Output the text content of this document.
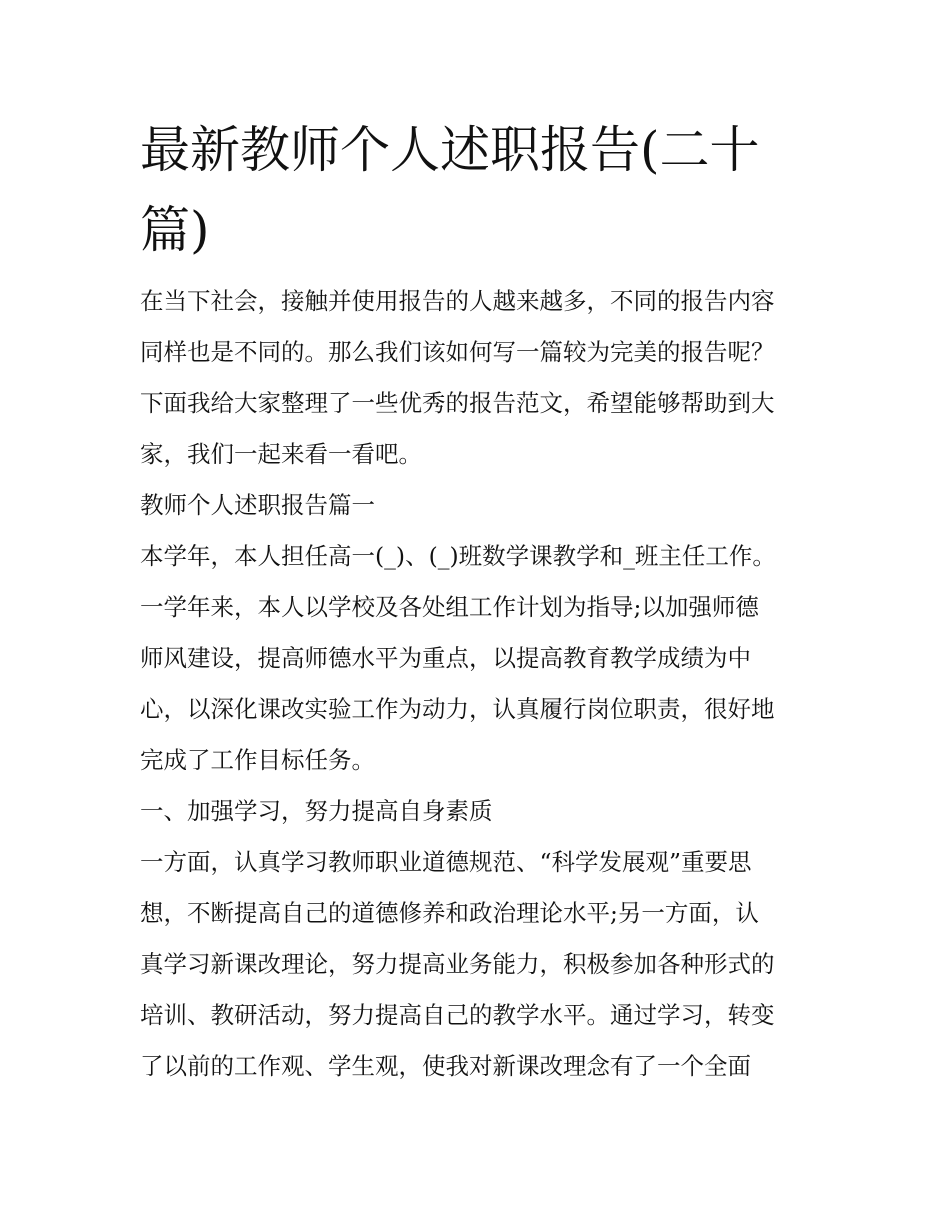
最新教师个人述职报告(二十
篇)
在当下社会，接触并使用报告的人越来越多，不同的报告内容
同样也是不同的。那么我们该如何写一篇较为完美的报告呢？
下面我给大家整理了一些优秀的报告范文，希望能够帮助到大
家，我们一起来看一看吧。
教师个人述职报告篇一
本学年，本人担任高一(_)、(_)班数学课教学和_班主任工作。
一学年来，本人以学校及各处组工作计划为指导;以加强师德
师风建设，提高师德水平为重点，以提高教育教学成绩为中
心，以深化课改实验工作为动力，认真履行岗位职责，很好地
完成了工作目标任务。
一、加强学习，努力提高自身素质
一方面，认真学习教师职业道德规范、“科学发展观”重要思
想，不断提高自己的道德修养和政治理论水平;另一方面，认
真学习新课改理论，努力提高业务能力，积极参加各种形式的
培训、教研活动，努力提高自己的教学水平。通过学习，转变
了以前的工作观、学生观，使我对新课改理念有了一个全面
